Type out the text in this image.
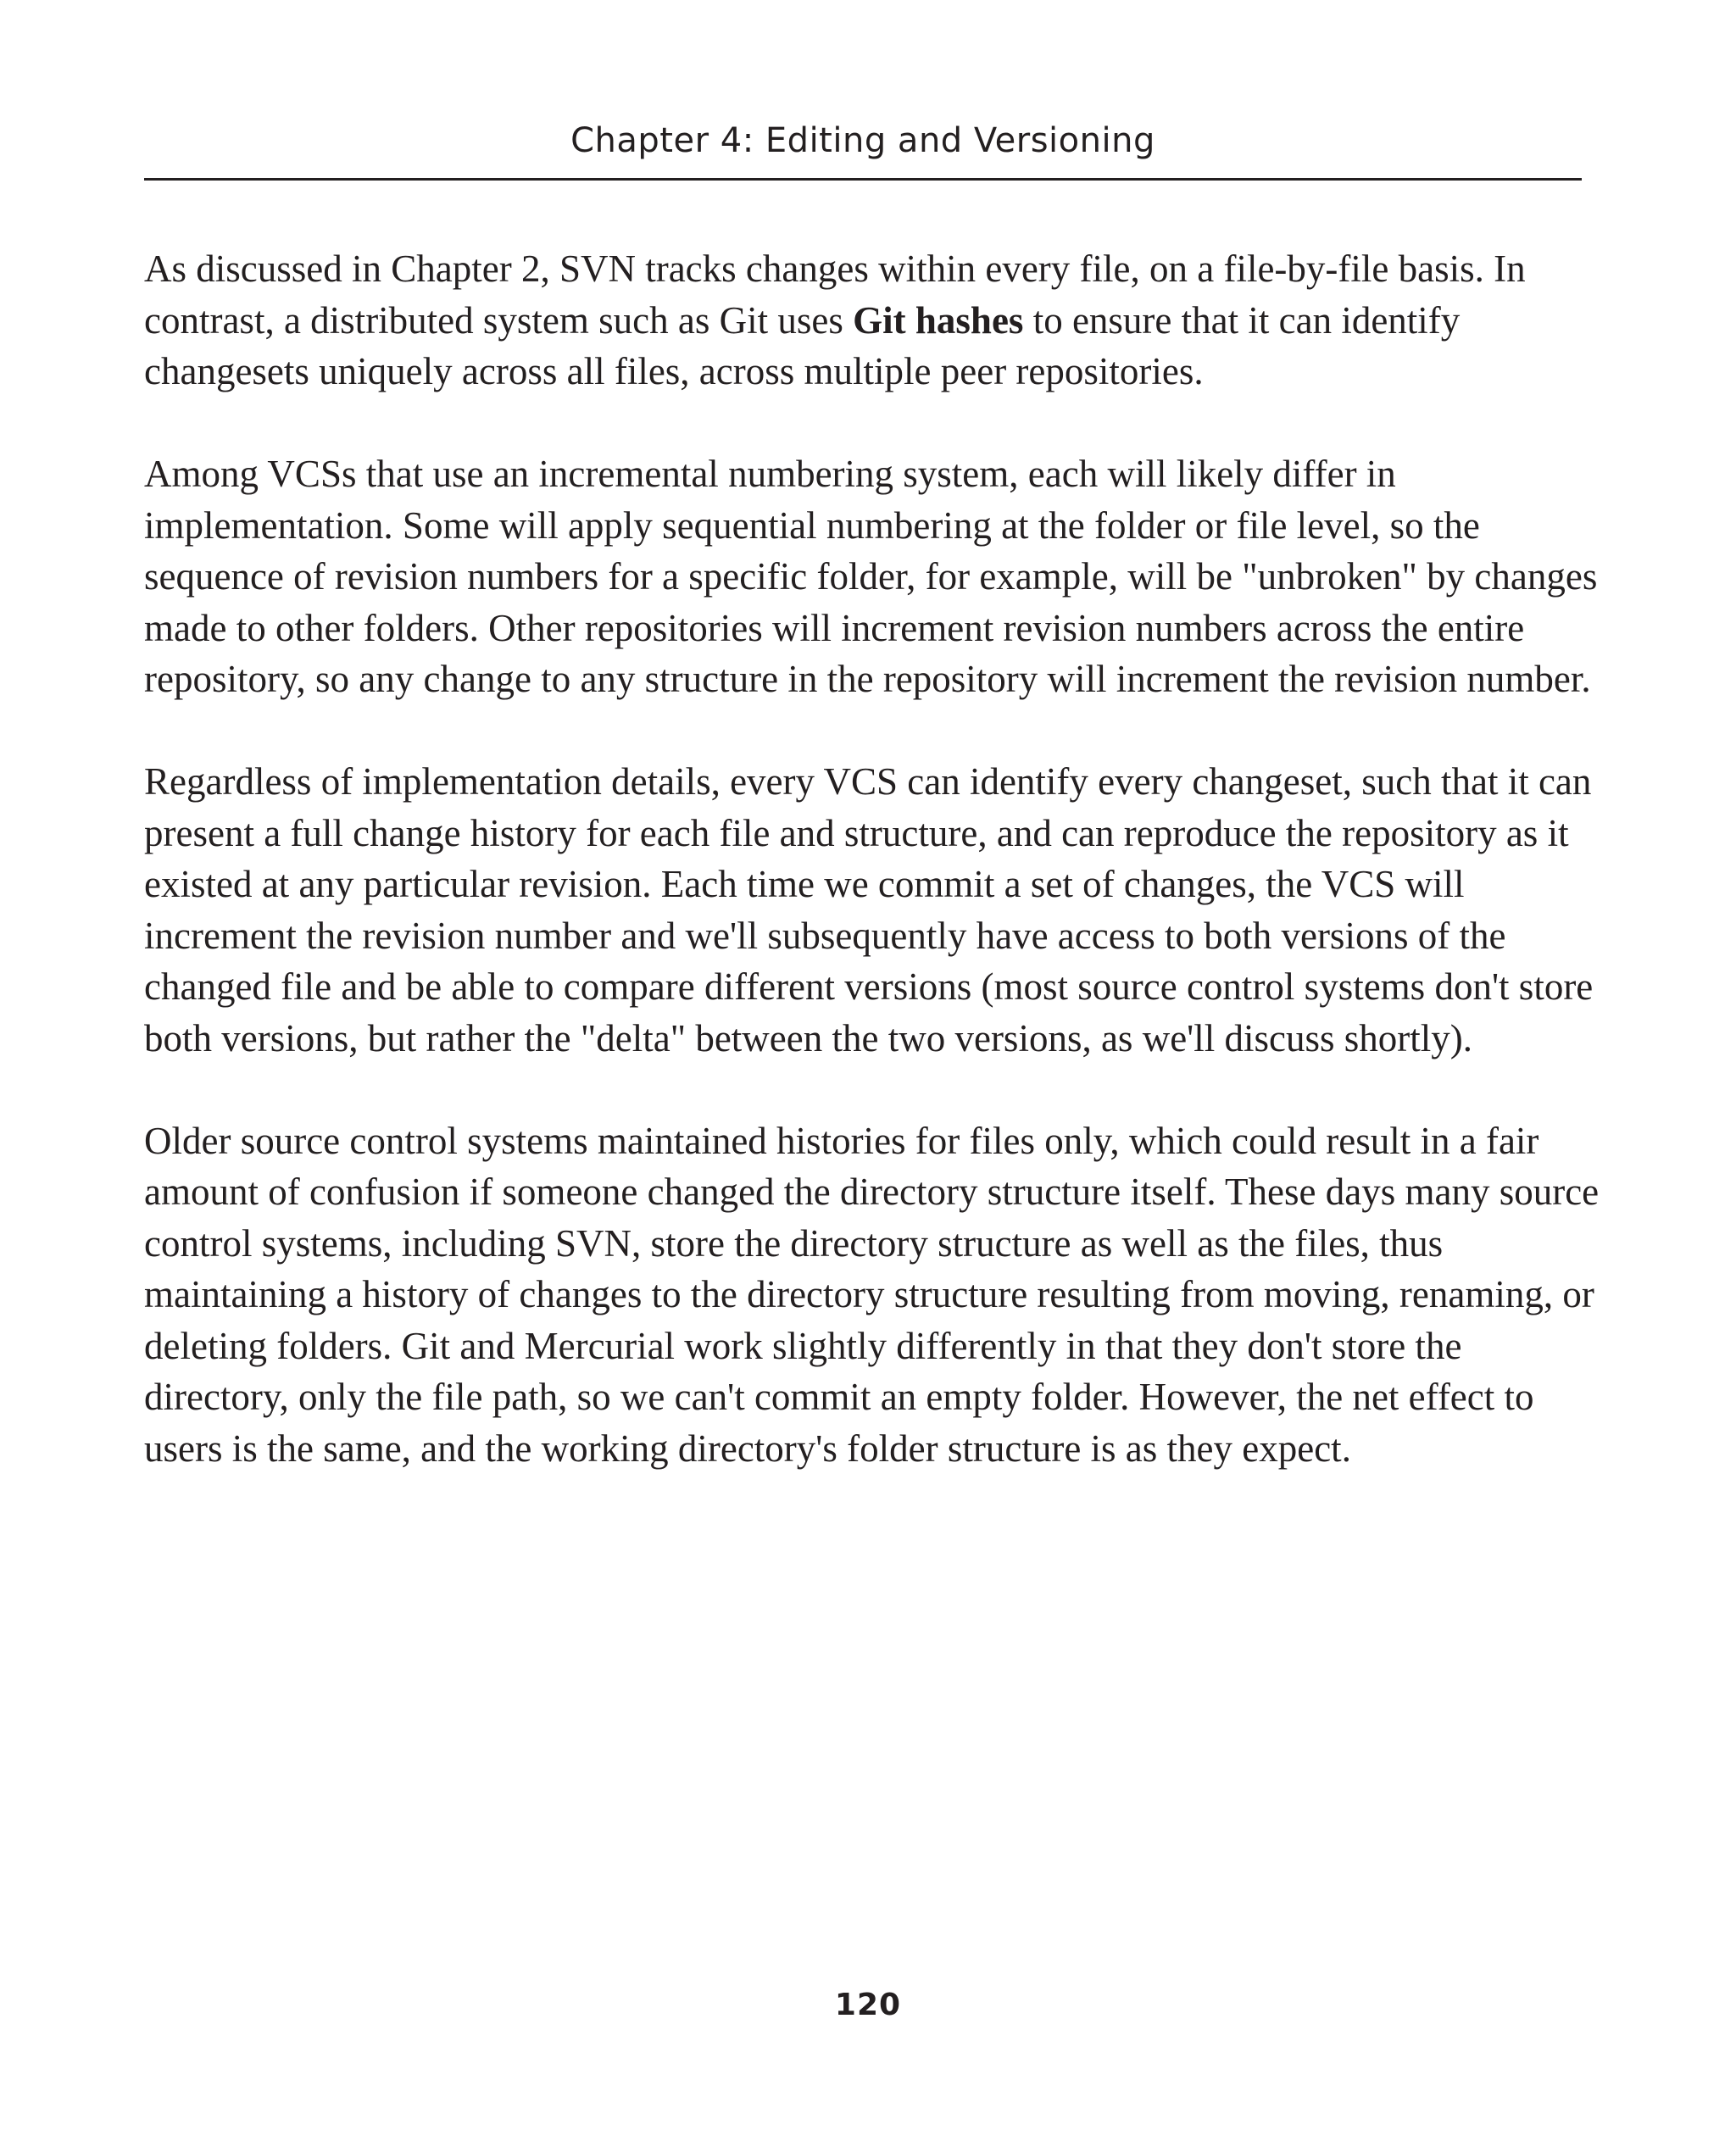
Chapter 4: Editing and Versioning

As discussed in Chapter 2, SVN tracks changes within every file, on a file-by-file basis. In contrast, a distributed system such as Git uses Git hashes to ensure that it can identify changesets uniquely across all files, across multiple peer repositories.

Among VCSs that use an incremental numbering system, each will likely differ in implementation. Some will apply sequential numbering at the folder or file level, so the sequence of revision numbers for a specific folder, for example, will be "unbroken" by changes made to other folders. Other repositories will increment revision numbers across the entire repository, so any change to any structure in the repository will increment the revision number.

Regardless of implementation details, every VCS can identify every changeset, such that it can present a full change history for each file and structure, and can reproduce the repository as it existed at any particular revision. Each time we commit a set of changes, the VCS will increment the revision number and we'll subsequently have access to both versions of the changed file and be able to compare different versions (most source control systems don't store both versions, but rather the "delta" between the two versions, as we'll discuss shortly).

Older source control systems maintained histories for files only, which could result in a fair amount of confusion if someone changed the directory structure itself. These days many source control systems, including SVN, store the directory structure as well as the files, thus maintaining a history of changes to the directory structure resulting from moving, renaming, or deleting folders. Git and Mercurial work slightly differently in that they don't store the directory, only the file path, so we can't commit an empty folder. However, the net effect to users is the same, and the working directory's folder structure is as they expect.

120
